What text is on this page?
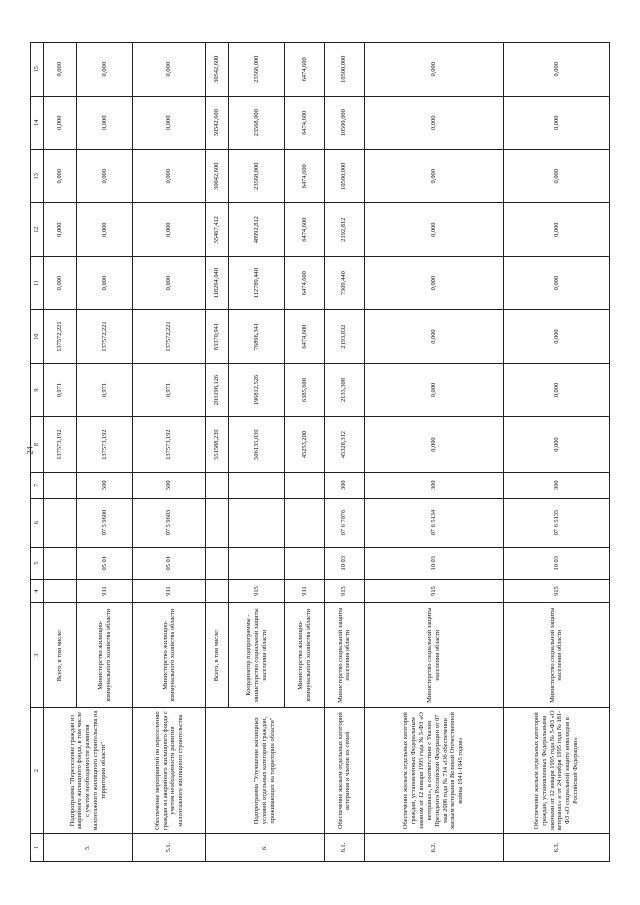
24
1	2	3	4	5	6	7	8	9	10	11	12	13	14	15
5.	Подпрограмма "Переселение граждан из аварийного жилищного фонда, в том числе с учетом необходимости развития малоэтажного жилищного строительства на территории области"	Всего, в том числе:					137573,192	0,971	137572,221	0,000	0,000	0,000	0,000	0,000
		Министерство жилищно-коммунального хозяйства области	911	05 01	07 5 9600	500	137573,192	0,971	137572,221	0,000	0,000	0,000	0,000	0,000
5.1.	Обеспечение мероприятий по переселению граждан из аварийного жилищного фонда с учетом необходимости развития малоэтажного жилищного строительства	Министерство жилищно-коммунального хозяйства области	911	05 01	07 5 9603	500	137573,192	0,971	137572,221	0,000	0,000	0,000	0,000	0,000
6.	Подпрограмма "Улучшение жилищных условий отдельных категорий граждан, проживающих на территории области"	Всего, в том числе:					551588,239	203198,126	83370,941	118264,040	55467,412	30042,600	30542,600	30542,600
		Координатор подпрограммы - министерство социальной защиты населения области	915				506135,039	196812,526	76896,341	112789,440	48992,812	23568,000	23568,000	23568,000
		Министерство жилищно-коммунального хозяйства области	911				45253,200	6385,600	6474,600	6474,600	6474,600	6474,600	6474,600	6474,600
6.1.	Обеспечение жильем отдельных категорий ветеранов и членов их семей	Министерство социальной защиты населения области	915	10 03	07 6 7076	300	45328,312	2133,308	2193,832	7309,440	2192,812	10500,000	10500,000	10500,000
6.2.	Обеспечение жильем отдельных категорий граждан, установленных Федеральным законом от 12 января 1995 года № 5-ФЗ «О ветеранах», в соответствии с Указом Президента Российской Федерации от 07 мая 2008 года № 714 «Об обеспечении жильем ветеранов Великой Отечественной войны 1941-1945 годов»	Министерство социальной защиты населения области	915	10 03	07 6 5134	300	0,000	0,000	0,000	0,000	0,000	0,000	0,000	0,000
6.3.	Обеспечение жильем отдельных категорий граждан, установленных Федеральными законами от 12 января 1995 года № 5-ФЗ «О ветеранах» и от 24 ноября 1995 года № 181-ФЗ «О социальной защите инвалидов в Российской Федерации»	Министерство социальной защиты населения области	915	10 03	07 6 5135	300	0,000	0,000	0,000	0,000	0,000	0,000	0,000	0,000
